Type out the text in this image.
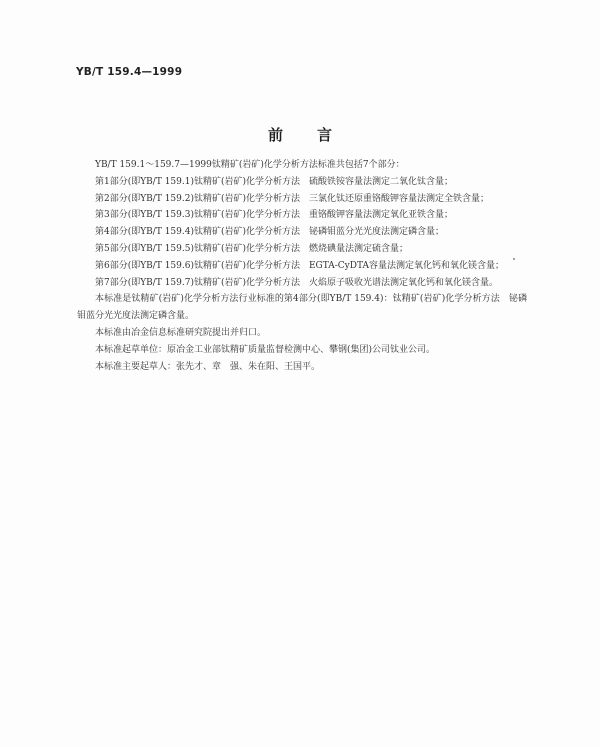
YB/T 159.4—1999
前言

YB/T 159.1～159.7—1999钛精矿(岩矿)化学分析方法标准共包括7个部分：

第1部分(即YB/T 159.1)钛精矿(岩矿)化学分析方法　硫酸铁铵容量法测定二氧化钛含量；

第2部分(即YB/T 159.2)钛精矿(岩矿)化学分析方法　三氯化钛还原重铬酸钾容量法测定全铁含量；

第3部分(即YB/T 159.3)钛精矿(岩矿)化学分析方法　重铬酸钾容量法测定氧化亚铁含量；

第4部分(即YB/T 159.4)钛精矿(岩矿)化学分析方法　铋磷钼蓝分光光度法测定磷含量；

第5部分(即YB/T 159.5)钛精矿(岩矿)化学分析方法　燃烧碘量法测定硫含量；

第6部分(即YB/T 159.6)钛精矿(岩矿)化学分析方法　EGTA-CyDTA容量法测定氧化钙和氧化镁含量；

第7部分(即YB/T 159.7)钛精矿(岩矿)化学分析方法　火焰原子吸收光谱法测定氧化钙和氧化镁含量。

本标准是钛精矿(岩矿)化学分析方法行业标准的第4部分(即YB/T 159.4)：钛精矿(岩矿)化学分析方法　铋磷钼蓝分光光度法测定磷含量。

本标准由冶金信息标准研究院提出并归口。

本标准起草单位：原冶金工业部钛精矿质量监督检测中心、攀钢(集团)公司钛业公司。

本标准主要起草人：张先才、章　强、朱在阳、王国平。
